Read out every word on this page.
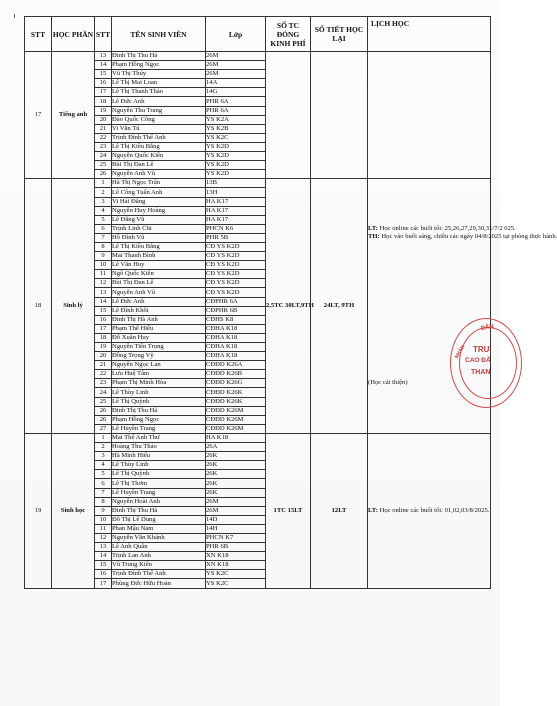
STT	HỌC PHẦN	STT	TÊN SINH VIÊN	Lớp	SỐ TC ĐÓNG KINH PHÍ	SỐ TIẾT HỌC LẠI	LỊCH HỌC
17	Tiếng anh	13	Đinh Thị Thu Hà	26M			
		14	Phạm Hồng Ngọc	26M			
		15	Vũ Thị Thúy	26M			
		16	Lê Thị Mai Loan	14A			
		17	Lê Thị Thanh Thảo	14G			
		18	Lê Đức Anh	PHR 6A			
		19	Nguyễn Thu Trang	PHR 6A			
		20	Đào Quốc Công	YS K2A			
		21	Vi Văn Tú	YS K2B			
		22	Trịnh Đình Thế Anh	YS K2C			
		23	Lê Thị Kiều Bằng	YS K2D			
		24	Nguyễn Quốc Kiên	YS K2D			
		25	Bùi Thị Đan Lê	YS K2D			
		26	Nguyễn Anh Vũ	YS K2D			
18	Sinh lý	1	Hà Thị Ngọc Trân	13B	2,5TC 30LT,9TH	24LT, 9TH	LT: Học online các buổi tối: 25,26,27,29,30,31/7/2 025.
TH: Học vào buổi sáng, chiều các ngày 04/8/2025 tại phòng thực hành.
(Học cải thiện)

		2	Lê Công Tuấn Anh	13H			
		3	Vi Hải Đăng	HA K17			
		4	Nguyễn Huy Hoàng	HA K17			
		5	Lê Đăng Vũ	HA K17			
		6	Trịnh Linh Chi	PHCN K6			
		7	Hồ Đình Vũ	PHR 5B			
		8	Lê Thị Kiều Bằng	CĐ YS K2D			
		9	Mai Thanh Bình	CĐ YS K2D			
		10	Lê Văn Huy	CĐ YS K2D			
		11	Ngô Quốc Kiên	CĐ YS K2D			
		12	Bùi Thị Đan Lê	CĐ YS K2D			
		13	Nguyễn Anh Vũ	CĐ YS K2D			
		14	Lê Đức Anh	CĐPHR 6A			
		15	Lê Đình Khôi	CĐPHR 6B			
		16	Đinh Thị Hà Anh	CĐHS K8			
		17	Phạm Thế Hiếu	CĐHA K18			
		18	Đỗ Xuân Huy	CĐHA K18			
		19	Nguyễn Tiến Trọng	CĐHA K18			
		20	Đồng Trọng Vỹ	CĐHA K18			
		21	Nguyễn Ngọc Lan	CĐĐD K26A			
		22	Lưu Huệ Tâm	CĐĐD K26B			
		23	Phạm Thị Minh Hòa	CĐĐD K26G			
		24	Lê Thùy Linh	CĐĐD K26K			
		25	Lê Thị Quỳnh	CĐĐD K26K			
		26	Đinh Thị Thu Hà	CĐĐD K26M			
		26	Phạm Hồng Ngọc	CĐĐD K26M			
		27	Lê Huyền Trang	CĐĐD K26M			
19	Sinh học	1	Mai Thế Anh Thư	HA K18	1TC 15LT	12LT	LT: Học online các buổi tối: 01,02,03/8/2025.

		2	Hoàng Thu Thảo	26A			
		3	Hà Minh Hiếu	26K			
		4	Lê Thùy Linh	26K			
		5	Lê Thị Quỳnh	26K			
		6	Lê Thị Thơm	26K			
		7	Lê Huyền Trang	26K			
		8	Nguyễn Hoài Anh	26M			
		9	Đinh Thị Thu Hà	26M			
		10	Đỗ Thị Lê Dung	14D			
		11	Phan Mậu Nam	14H			
		12	Nguyễn Văn Khánh	PHCN K7			
		13	Lê Anh Quân	PHR 6B			
		14	Trịnh Lan Anh	XN K18			
		15	Vũ Trung Kiên	XN K18			
		16	Trịnh Đình Thế Anh	YS K2C			
		17	Phùng Đức Hữu Hoàn	YS K2C			
NHÂN
DÂN
TRU
CAO ĐẲ
THAN
